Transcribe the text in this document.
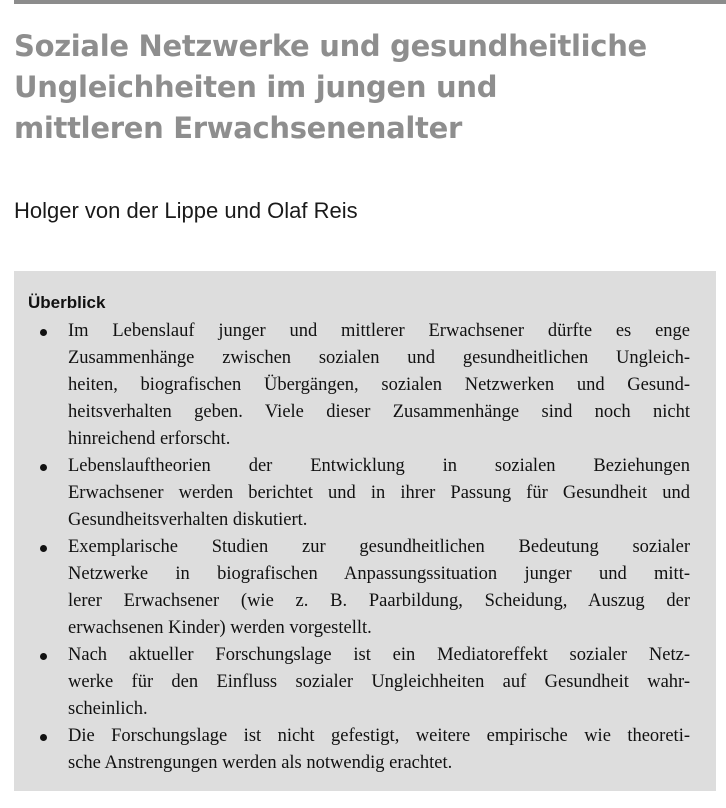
Soziale Netzwerke und gesundheitliche
Ungleichheiten im jungen und
mittleren Erwachsenenalter

Holger von der Lippe und Olaf Reis

Überblick
Im Lebenslauf junger und mittlerer Erwachsener dürfte es enge
Zusammenhänge zwischen sozialen und gesundheitlichen Ungleich-
heiten, biografischen Übergängen, sozialen Netzwerken und Gesund-
heitsverhalten geben. Viele dieser Zusammenhänge sind noch nicht
hinreichend erforscht.
Lebenslauftheorien der Entwicklung in sozialen Beziehungen
Erwachsener werden berichtet und in ihrer Passung für Gesundheit und
Gesundheitsverhalten diskutiert.
Exemplarische Studien zur gesundheitlichen Bedeutung sozialer
Netzwerke in biografischen Anpassungssituation junger und mitt-
lerer Erwachsener (wie z. B. Paarbildung, Scheidung, Auszug der
erwachsenen Kinder) werden vorgestellt.
Nach aktueller Forschungslage ist ein Mediatoreffekt sozialer Netz-
werke für den Einfluss sozialer Ungleichheiten auf Gesundheit wahr-
scheinlich.
Die Forschungslage ist nicht gefestigt, weitere empirische wie theoreti-
sche Anstrengungen werden als notwendig erachtet.
